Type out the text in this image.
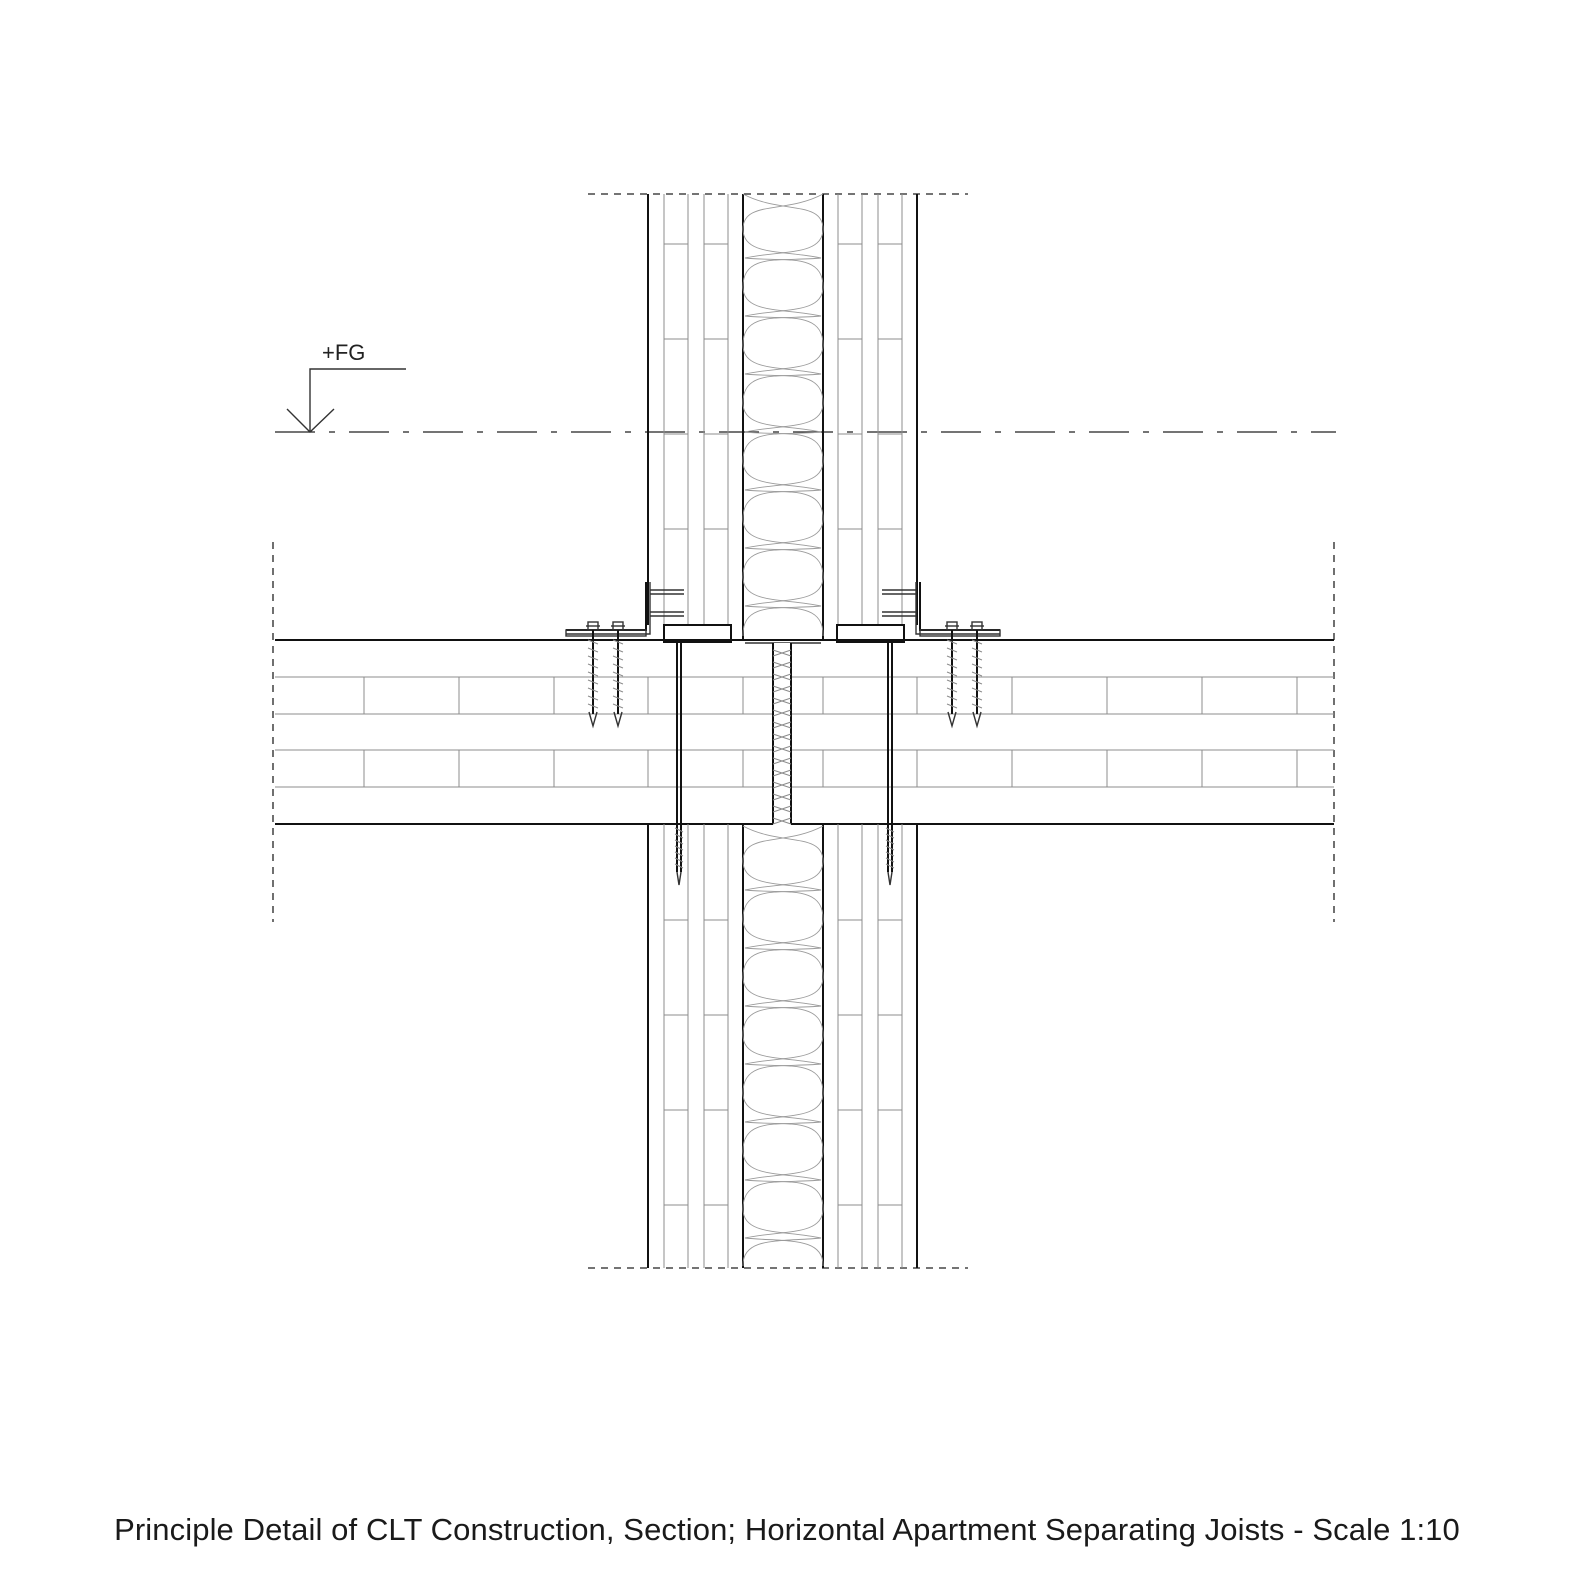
+FG
Principle Detail of CLT Construction, Section; Horizontal Apartment Separating Joists - Scale 1:10
